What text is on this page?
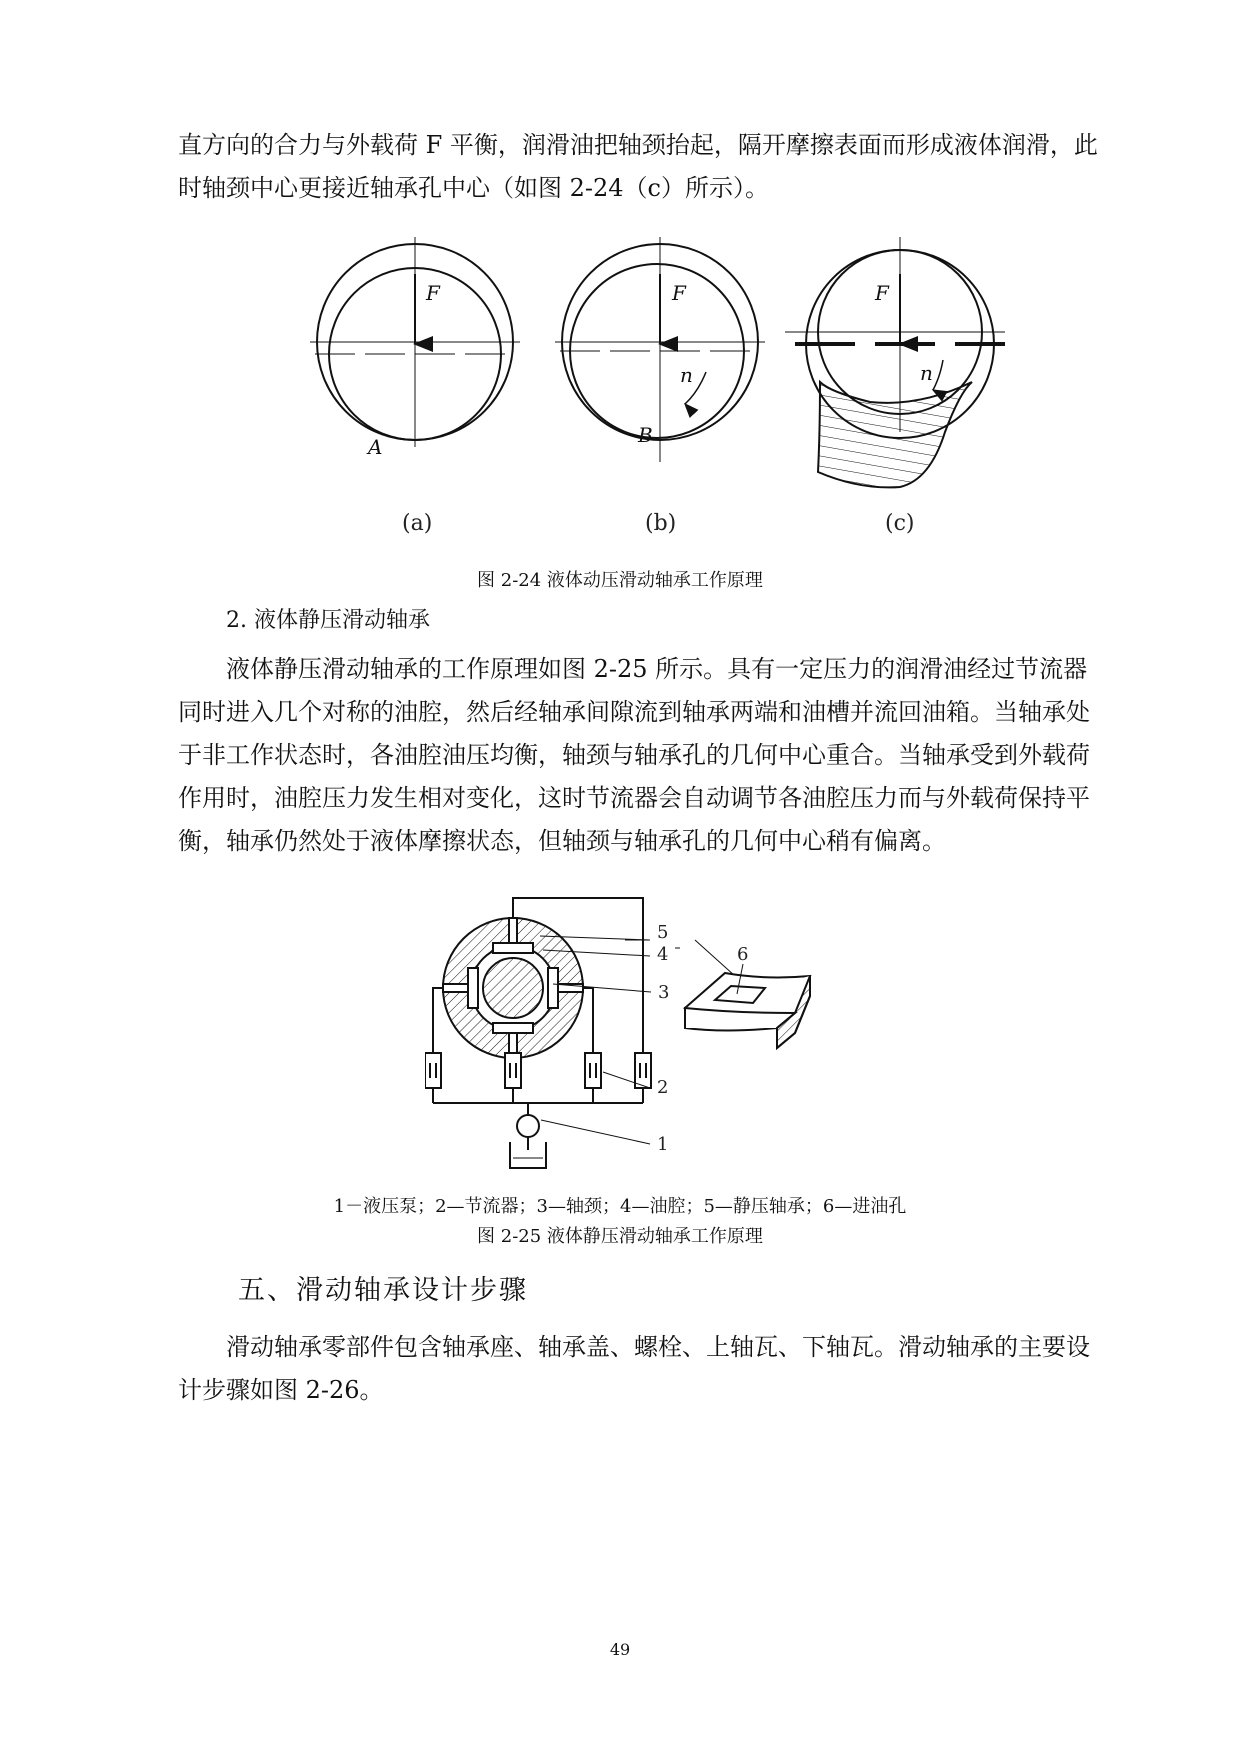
直方向的合力与外载荷 F 平衡，润滑油把轴颈抬起，隔开摩擦表面而形成液体润滑，此
时轴颈中心更接近轴承孔中心（如图 2-24（c）所示）。
F	F	F
n	n
A	B
(a)	(b)	(c)

图 2-24 液体动压滑动轴承工作原理

2. 液体静压滑动轴承

液体静压滑动轴承的工作原理如图 2-25 所示。具有一定压力的润滑油经过节流器
同时进入几个对称的油腔，然后经轴承间隙流到轴承两端和油槽并流回油箱。当轴承处
于非工作状态时，各油腔油压均衡，轴颈与轴承孔的几何中心重合。当轴承受到外载荷
作用时，油腔压力发生相对变化，这时节流器会自动调节各油腔压力而与外载荷保持平
衡，轴承仍然处于液体摩擦状态，但轴颈与轴承孔的几何中心稍有偏离。
5
4
3
2
1
6

1－液压泵；2—节流器；3—轴颈；4—油腔；5—静压轴承；6—进油孔

图 2-25 液体静压滑动轴承工作原理

五、滑动轴承设计步骤
滑动轴承零部件包含轴承座、轴承盖、螺栓、上轴瓦、下轴瓦。滑动轴承的主要设
计步骤如图 2-26。
49
